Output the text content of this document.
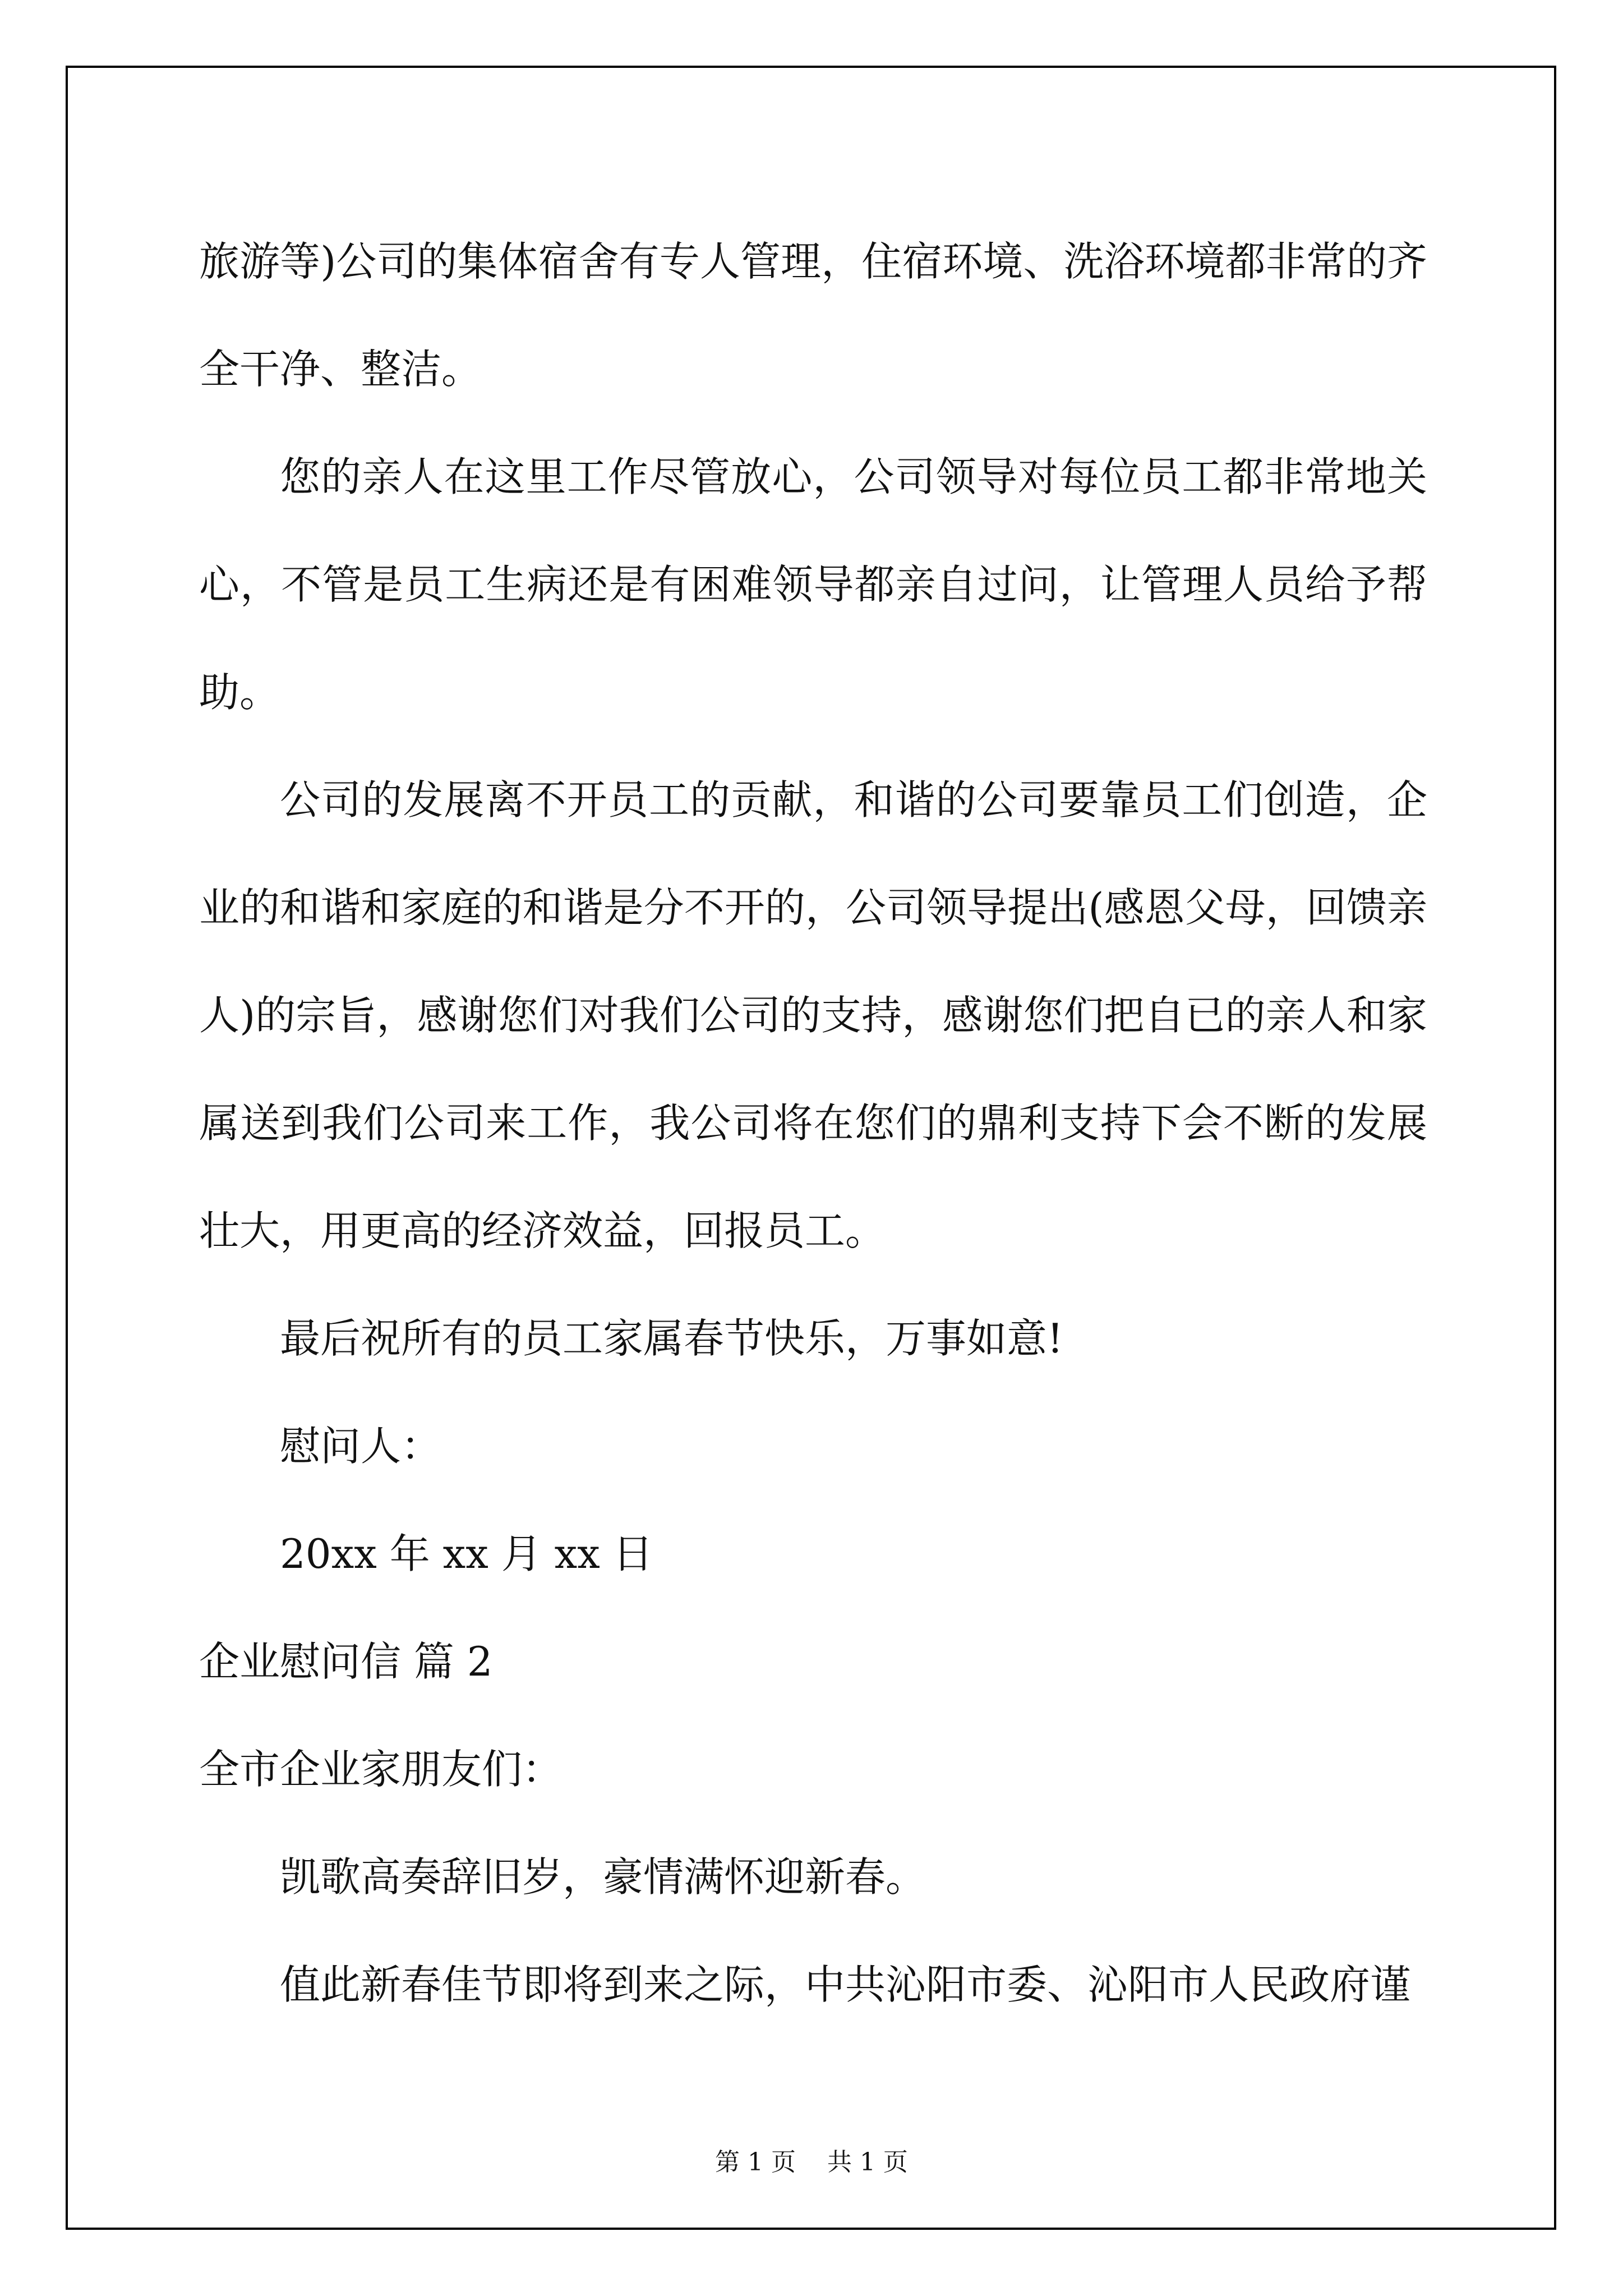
旅游等)公司的集体宿舍有专人管理，住宿环境、洗浴环境都非常的齐全干净、整洁。

您的亲人在这里工作尽管放心，公司领导对每位员工都非常地关心，不管是员工生病还是有困难领导都亲自过问，让管理人员给予帮助。

公司的发展离不开员工的贡献，和谐的公司要靠员工们创造，企业的和谐和家庭的和谐是分不开的，公司领导提出(感恩父母，回馈亲人)的宗旨，感谢您们对我们公司的支持，感谢您们把自已的亲人和家属送到我们公司来工作，我公司将在您们的鼎利支持下会不断的发展壮大，用更高的经济效益，回报员工。

最后祝所有的员工家属春节快乐，万事如意!

慰问人：

20xx 年 xx 月 xx 日

企业慰问信 篇 2

全市企业家朋友们：

凯歌高奏辞旧岁，豪情满怀迎新春。

值此新春佳节即将到来之际，中共沁阳市委、沁阳市人民政府谨

第 1 页    共 1 页
